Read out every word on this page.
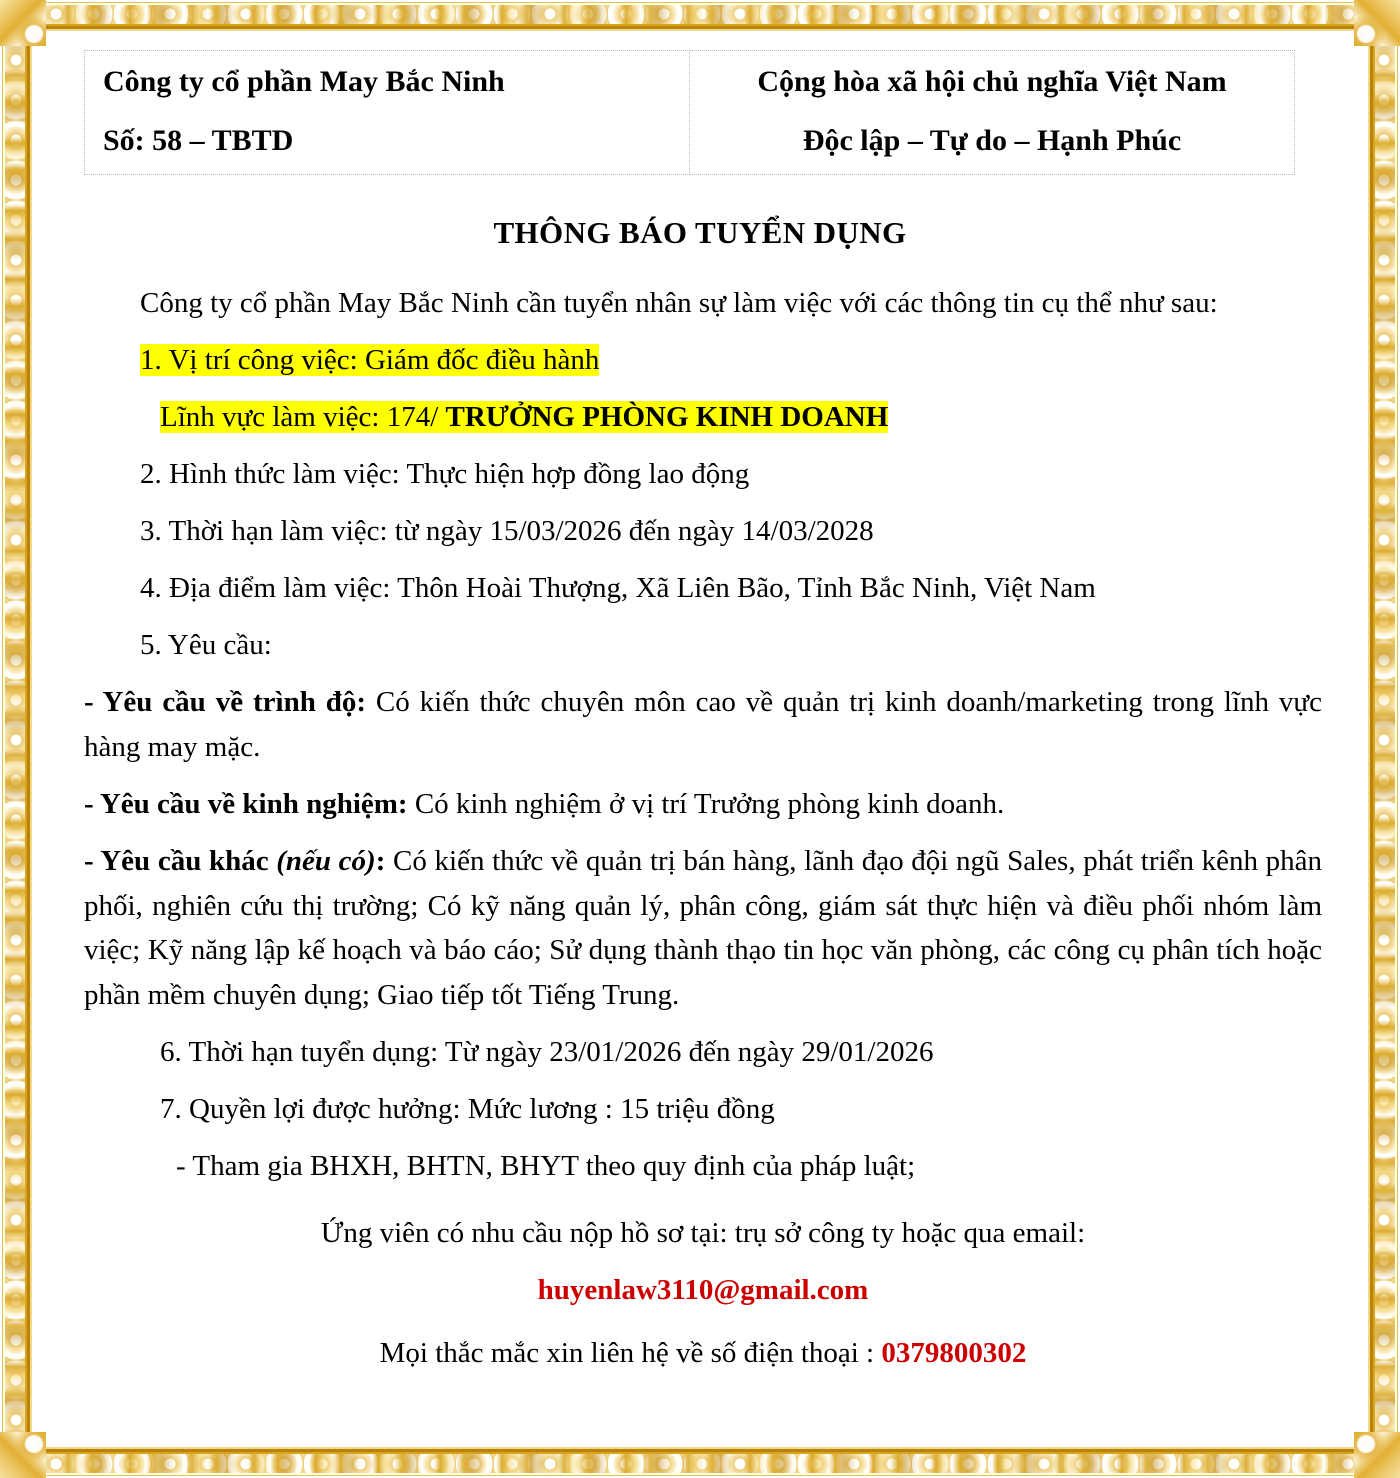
Công ty cổ phần May Bắc Ninh
Số: 58 – TBTD

Cộng hòa xã hội chủ nghĩa Việt Nam
Độc lập – Tự do – Hạnh Phúc
THÔNG BÁO TUYỂN DỤNG

Công ty cổ phần May Bắc Ninh cần tuyển nhân sự làm việc với các thông tin cụ thể như sau:

1. Vị trí công việc: Giám đốc điều hành

Lĩnh vực làm việc: 174/ TRƯỞNG PHÒNG KINH DOANH

2. Hình thức làm việc: Thực hiện hợp đồng lao động

3. Thời hạn làm việc: từ ngày 15/03/2026 đến ngày 14/03/2028

4. Địa điểm làm việc: Thôn Hoài Thượng, Xã Liên Bão, Tỉnh Bắc Ninh, Việt Nam

5. Yêu cầu:

- Yêu cầu về trình độ: Có kiến thức chuyên môn cao về quản trị kinh doanh/marketing trong lĩnh vực hàng may mặc.

- Yêu cầu về kinh nghiệm: Có kinh nghiệm ở vị trí Trưởng phòng kinh doanh.

- Yêu cầu khác (nếu có): Có kiến thức về quản trị bán hàng, lãnh đạo đội ngũ Sales, phát triển kênh phân phối, nghiên cứu thị trường; Có kỹ năng quản lý, phân công, giám sát thực hiện và điều phối nhóm làm việc; Kỹ năng lập kế hoạch và báo cáo; Sử dụng thành thạo tin học văn phòng, các công cụ phân tích hoặc phần mềm chuyên dụng; Giao tiếp tốt Tiếng Trung.

6. Thời hạn tuyển dụng: Từ ngày 23/01/2026 đến ngày 29/01/2026

7. Quyền lợi được hưởng: Mức lương : 15 triệu đồng

- Tham gia BHXH, BHTN, BHYT theo quy định của pháp luật;

Ứng viên có nhu cầu nộp hồ sơ tại: trụ sở công ty hoặc qua email:

huyenlaw3110@gmail.com

Mọi thắc mắc xin liên hệ về số điện thoại : 0379800302
